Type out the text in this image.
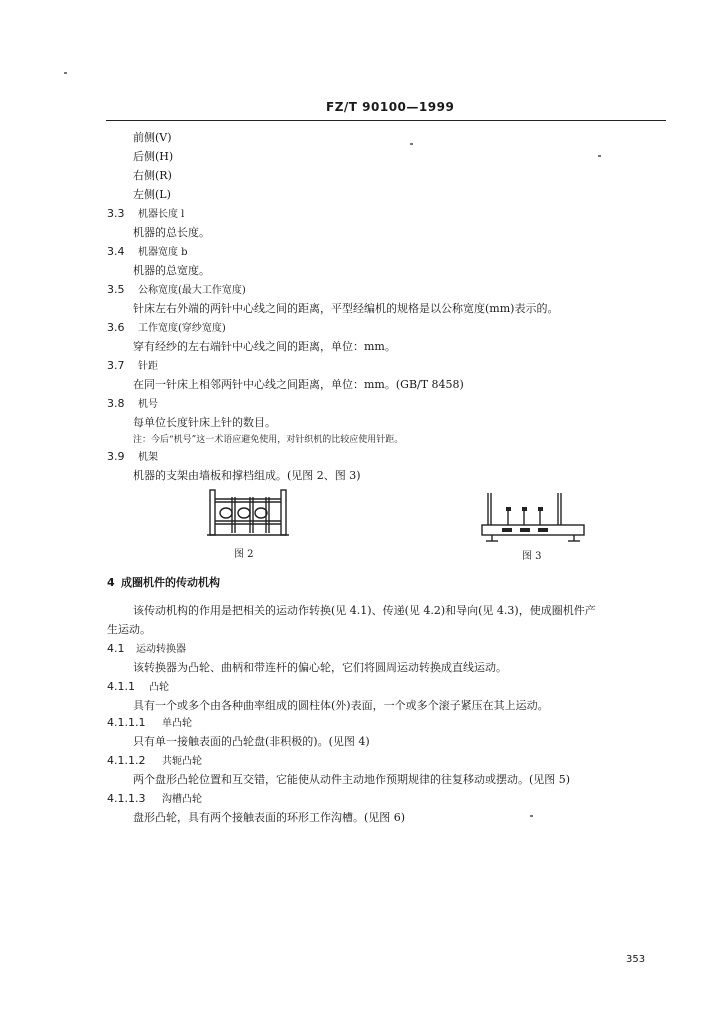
FZ/T 90100—1999
前侧(V)
后侧(H)
右侧(R)
左侧(L)
3.3 机器长度 l
机器的总长度。
3.4 机器宽度 b
机器的总宽度。
3.5 公称宽度(最大工作宽度)
针床左右外端的两针中心线之间的距离，平型经编机的规格是以公称宽度(mm)表示的。
3.6 工作宽度(穿纱宽度)
穿有经纱的左右端针中心线之间的距离，单位：mm。
3.7 针距
在同一针床上相邻两针中心线之间距离，单位：mm。(GB/T 8458)
3.8 机号
每单位长度针床上针的数目。
注：今后“机号”这一术语应避免使用，对针织机的比较应使用针距。
3.9 机架
机器的支架由墙板和撑档组成。(见图 2、图 3)
图 2	图 3
4 成圈机件的传动机构
该传动机构的作用是把相关的运动作转换(见 4.1)、传递(见 4.2)和导向(见 4.3)，使成圈机件产
生运动。
4.1 运动转换器
该转换器为凸轮、曲柄和带连杆的偏心轮，它们将圆周运动转换成直线运动。
4.1.1 凸轮
具有一个或多个由各种曲率组成的圆柱体(外)表面，一个或多个滚子紧压在其上运动。
4.1.1.1 单凸轮
只有单一接触表面的凸轮盘(非积极的)。(见图 4)
4.1.1.2 共轭凸轮
两个盘形凸轮位置和互交错，它能使从动件主动地作预期规律的往复移动或摆动。(见图 5)
4.1.1.3 沟槽凸轮
盘形凸轮，具有两个接触表面的环形工作沟槽。(见图 6)
353
